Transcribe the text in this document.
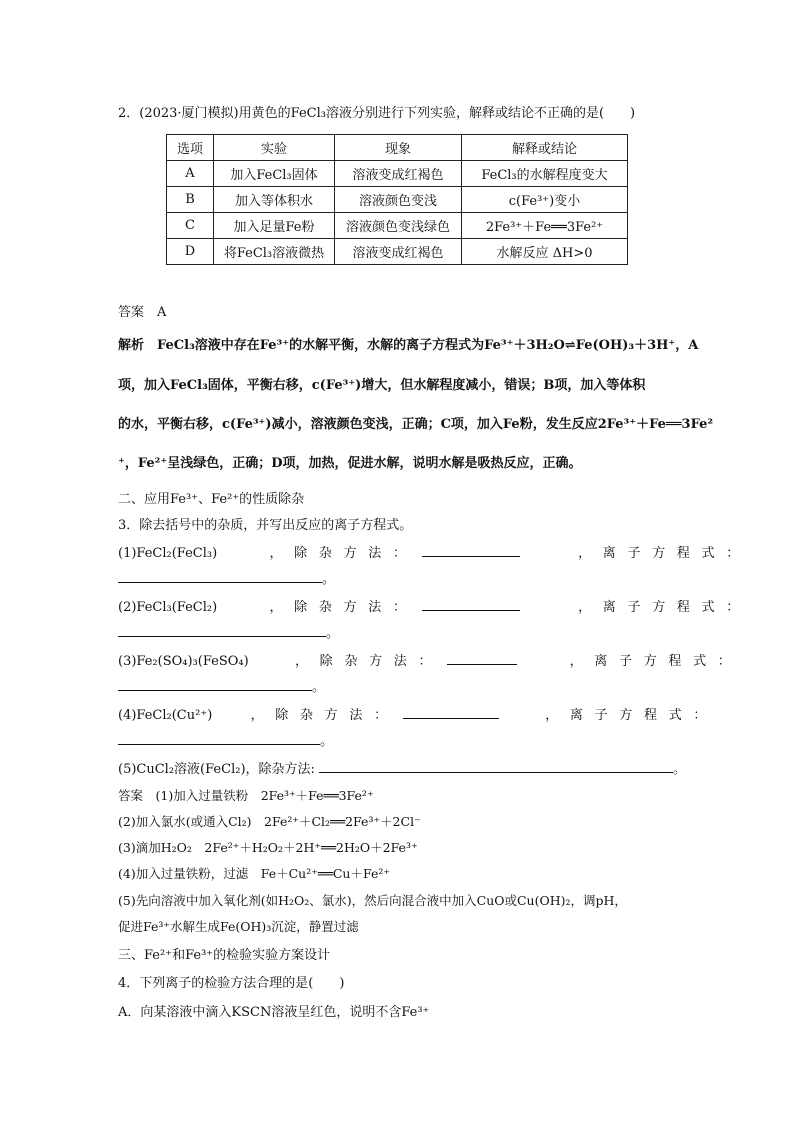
2．(2023·厦门模拟)用黄色的FeCl₃溶液分别进行下列实验，解释或结论不正确的是(　　)
选项	实验	现象	解释或结论
A	加入FeCl₃固体	溶液变成红褐色	FeCl₃的水解程度变大
B	加入等体积水	溶液颜色变浅	c(Fe³⁺)变小
C	加入足量Fe粉	溶液颜色变浅绿色	2Fe³⁺＋Fe══3Fe²⁺
D	将FeCl₃溶液微热	溶液变成红褐色	水解反应 ΔH>0
答案　A
解析　FeCl₃溶液中存在Fe³⁺的水解平衡，水解的离子方程式为Fe³⁺＋3H₂O⇌Fe(OH)₃＋3H⁺，A
项，加入FeCl₃固体，平衡右移，c(Fe³⁺)增大，但水解程度减小，错误；B项，加入等体积
的水，平衡右移，c(Fe³⁺)减小，溶液颜色变浅，正确；C项，加入Fe粉，发生反应2Fe³⁺＋Fe══3Fe²
⁺，Fe²⁺呈浅绿色，正确；D项，加热，促进水解，说明水解是吸热反应，正确。
二、应用Fe³⁺、Fe²⁺的性质除杂
3．除去括号中的杂质，并写出反应的离子方程式。
(1)FeCl₂(FeCl₃)	，除杂方法：	，离子方程式：
。
(2)FeCl₃(FeCl₂)	，除杂方法：	，离子方程式：
。
(3)Fe₂(SO₄)₃(FeSO₄)	，除杂方法：	，离子方程式：
。
(4)FeCl₂(Cu²⁺)	，除杂方法：	，离子方程式：
。
(5)CuCl₂溶液(FeCl₂)，除杂方法:	。
答案　(1)加入过量铁粉　2Fe³⁺＋Fe══3Fe²⁺
(2)加入氯水(或通入Cl₂)　2Fe²⁺＋Cl₂══2Fe³⁺＋2Cl⁻
(3)滴加H₂O₂　2Fe²⁺＋H₂O₂＋2H⁺══2H₂O＋2Fe³⁺
(4)加入过量铁粉，过滤　Fe＋Cu²⁺══Cu＋Fe²⁺
(5)先向溶液中加入氧化剂(如H₂O₂、氯水)，然后向混合液中加入CuO或Cu(OH)₂，调pH，
促进Fe³⁺水解生成Fe(OH)₃沉淀，静置过滤
三、Fe²⁺和Fe³⁺的检验实验方案设计
4．下列离子的检验方法合理的是(　　)
A．向某溶液中滴入KSCN溶液呈红色，说明不含Fe³⁺
